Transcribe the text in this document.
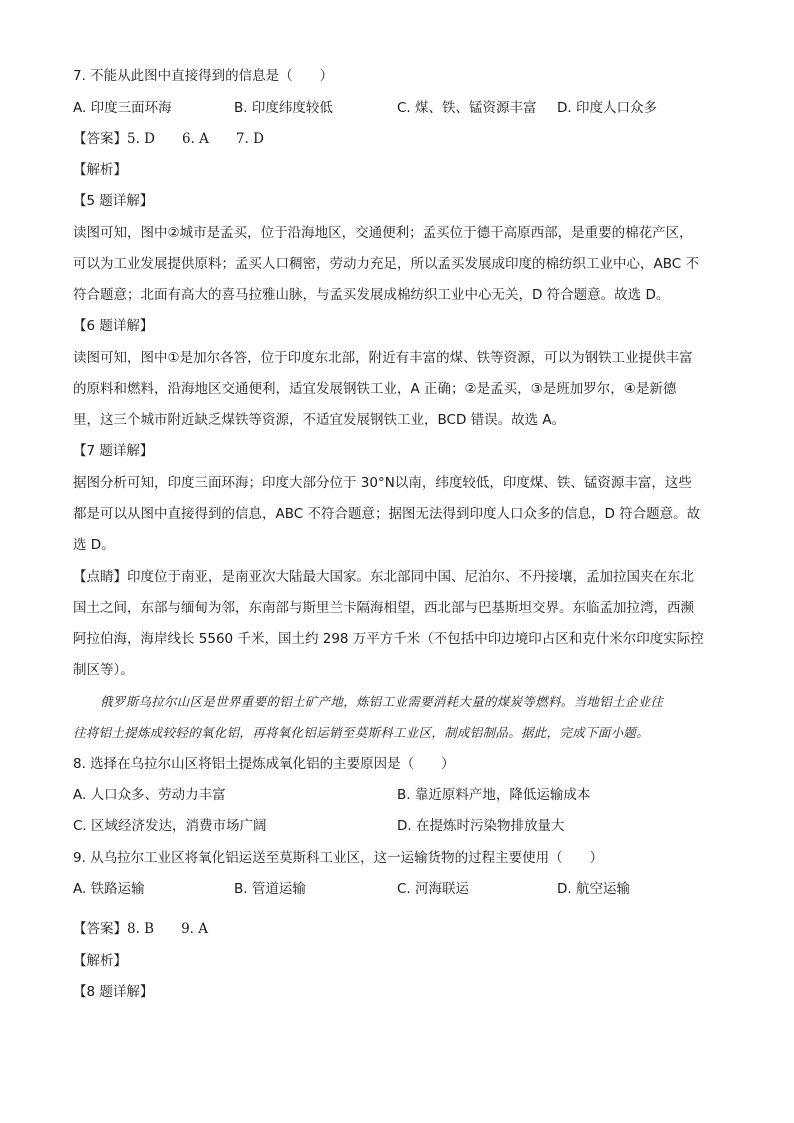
7. 不能从此图中直接得到的信息是（　　）
A. 印度三面环海	B. 印度纬度较低	C. 煤、铁、锰资源丰富 D. 印度人口众多
【答案】5. D　　6. A　　7. D
【解析】
【5 题详解】
读图可知，图中②城市是孟买，位于沿海地区，交通便利；孟买位于德干高原西部，是重要的棉花产区，
可以为工业发展提供原料；孟买人口稠密，劳动力充足，所以孟买发展成印度的棉纺织工业中心，ABC 不
符合题意；北面有高大的喜马拉雅山脉，与孟买发展成棉纺织工业中心无关，D 符合题意。故选 D。
【6 题详解】
读图可知，图中①是加尔各答，位于印度东北部，附近有丰富的煤、铁等资源，可以为钢铁工业提供丰富
的原料和燃料，沿海地区交通便利，适宜发展钢铁工业，A 正确；②是孟买，③是班加罗尔，④是新德
里，这三个城市附近缺乏煤铁等资源，不适宜发展钢铁工业，BCD 错误。故选 A。
【7 题详解】
据图分析可知，印度三面环海；印度大部分位于 30°N以南，纬度较低，印度煤、铁、锰资源丰富，这些
都是可以从图中直接得到的信息，ABC 不符合题意；据图无法得到印度人口众多的信息，D 符合题意。故
选 D。
【点睛】印度位于南亚，是南亚次大陆最大国家。东北部同中国、尼泊尔、不丹接壤，孟加拉国夹在东北
国土之间，东部与缅甸为邻，东南部与斯里兰卡隔海相望，西北部与巴基斯坦交界。东临孟加拉湾，西濒
阿拉伯海，海岸线长 5560 千米，国土约 298 万平方千米（不包括中印边境印占区和克什米尔印度实际控
制区等）。
俄罗斯乌拉尔山区是世界重要的铝土矿产地，炼铝工业需要消耗大量的煤炭等燃料。当地铝土企业往
往将铝土提炼成较轻的氧化铝，再将氧化铝运销至莫斯科工业区，制成铝制品。据此，完成下面小题。
8. 选择在乌拉尔山区将铝土提炼成氧化铝的主要原因是（　　）
A. 人口众多、劳动力丰富	B. 靠近原料产地，降低运输成本
C. 区域经济发达，消费市场广阔	D. 在提炼时污染物排放量大
9. 从乌拉尔工业区将氧化铝运送至莫斯科工业区，这一运输货物的过程主要使用（　　）
A. 铁路运输	B. 管道运输	C. 河海联运	D. 航空运输
【答案】8. B　　9. A
【解析】
【8 题详解】
